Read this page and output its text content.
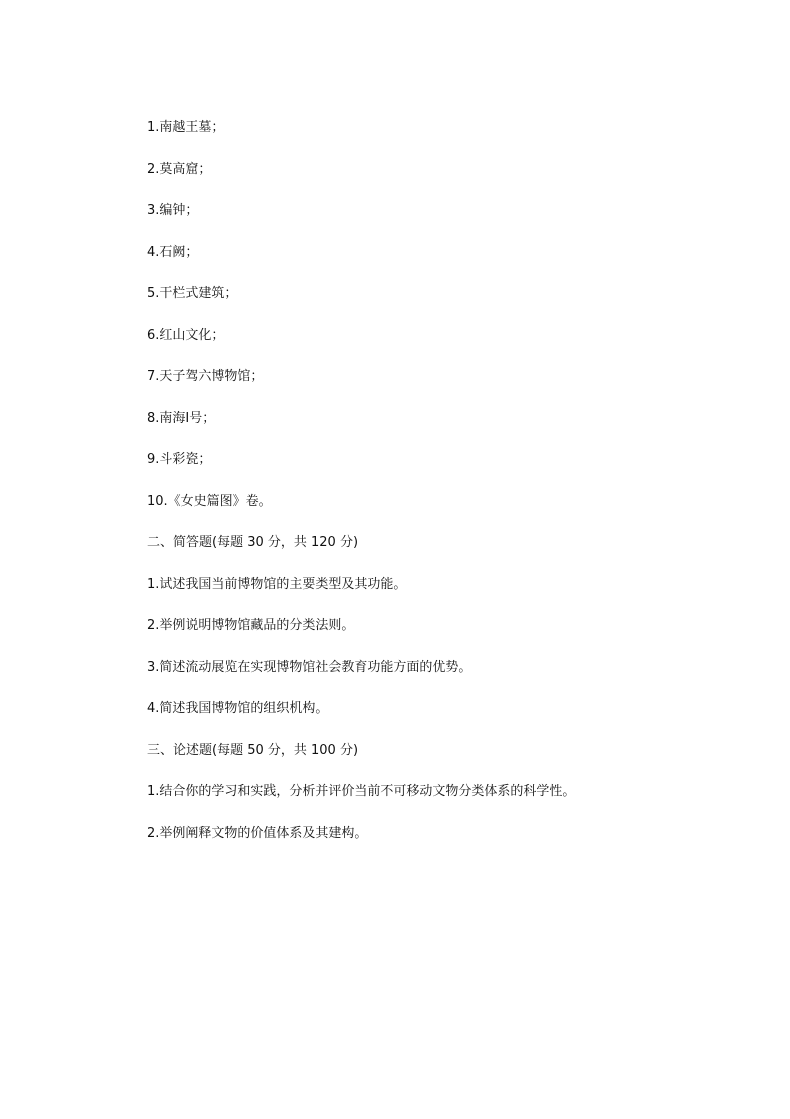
1.南越王墓；
2.莫高窟；
3.编钟；
4.石阙；
5.干栏式建筑；
6.红山文化；
7.天子驾六博物馆；
8.南海Ⅰ号；
9.斗彩瓷；
10.《女史篇图》卷。
二、简答题(每题 30 分，共 120 分)
1.试述我国当前博物馆的主要类型及其功能。
2.举例说明博物馆藏品的分类法则。
3.简述流动展览在实现博物馆社会教育功能方面的优势。
4.简述我国博物馆的组织机构。
三、论述题(每题 50 分，共 100 分)
1.结合你的学习和实践，分析并评价当前不可移动文物分类体系的科学性。
2.举例阐释文物的价值体系及其建构。
